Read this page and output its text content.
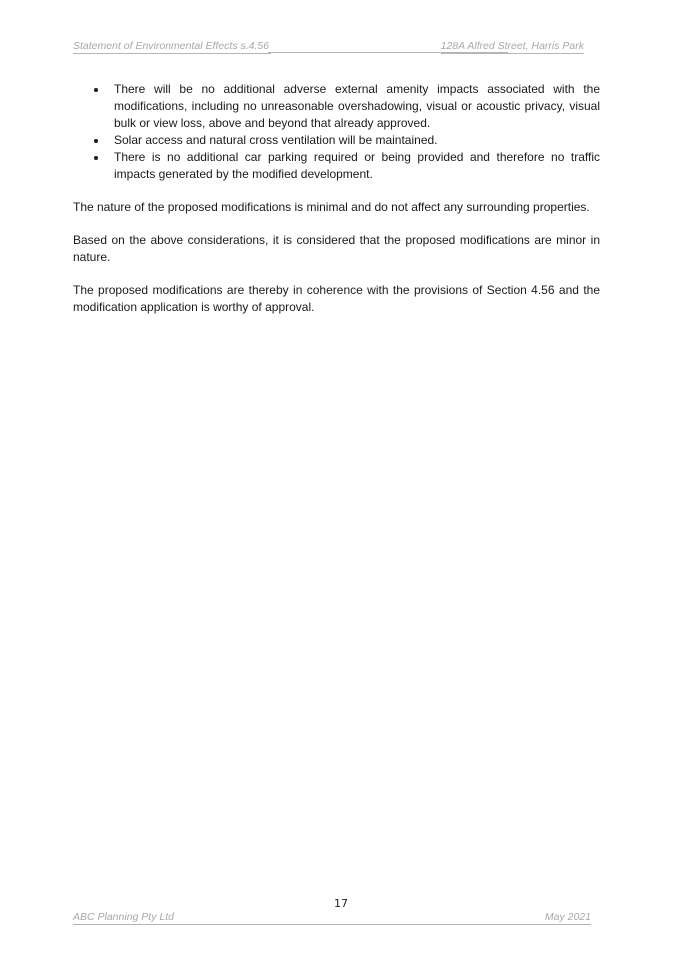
Statement of Environmental Effects s.4.56	128A Alfred Street, Harris Park
There will be no additional adverse external amenity impacts associated with the modifications, including no unreasonable overshadowing, visual or acoustic privacy, visual bulk or view loss, above and beyond that already approved.
Solar access and natural cross ventilation will be maintained.
There is no additional car parking required or being provided and therefore no traffic impacts generated by the modified development.

The nature of the proposed modifications is minimal and do not affect any surrounding properties.

Based on the above considerations, it is considered that the proposed modifications are minor in nature.

The proposed modifications are thereby in coherence with the provisions of Section 4.56 and the modification application is worthy of approval.

17
ABC Planning Pty Ltd	May 2021
